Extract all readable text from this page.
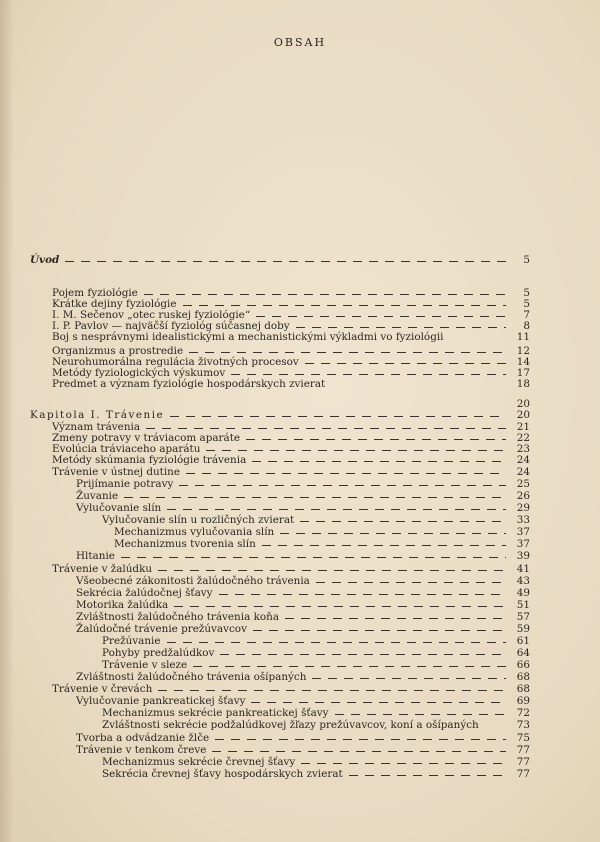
OBSAH
Úvod	5
Pojem fyziológie	5
Krátke dejiny fyziológie	5
I. M. Sečenov „otec ruskej fyziológie“	7
I. P. Pavlov — najväčší fyziológ súčasnej doby	8
Boj s nesprávnymi idealistickými a mechanistickými výkladmi vo fyziológii	11
Organizmus a prostredie	12
Neurohumorálna regulácia životných procesov	14
Metódy fyziologických výskumov	17
Predmet a význam fyziológie hospodárskych zvierat	18
20
Kapitola I. Trávenie	20
Význam trávenia	21
Zmeny potravy v tráviacom aparáte	22
Evolúcia tráviaceho aparátu	23
Metódy skúmania fyziológie trávenia	24
Trávenie v ústnej dutine	24
Prijímanie potravy	25
Žuvanie	26
Vylučovanie slín	29
Vylučovanie slín u rozličných zvierat	33
Mechanizmus vylučovania slín	37
Mechanizmus tvorenia slín	37
Hltanie	39
Trávenie v žalúdku	41
Všeobecné zákonitosti žalúdočného trávenia	43
Sekrécia žalúdočnej šťavy	49
Motorika žalúdka	51
Zvláštnosti žalúdočného trávenia koňa	57
Žalúdočné trávenie prežúvavcov	59
Prežúvanie	61
Pohyby predžalúdkov	64
Trávenie v sleze	66
Zvláštnosti žalúdočného trávenia ošípaných	68
Trávenie v črevách	68
Vylučovanie pankreatickej šťavy	69
Mechanizmus sekrécie pankreatickej šťavy	72
Zvláštnosti sekrécie podžalúdkovej žľazy prežúvavcov, koní a ošípaných	73
Tvorba a odvádzanie žlče	75
Trávenie v tenkom čreve	77
Mechanizmus sekrécie črevnej šťavy	77
Sekrécia črevnej šťavy hospodárskych zvierat	77
